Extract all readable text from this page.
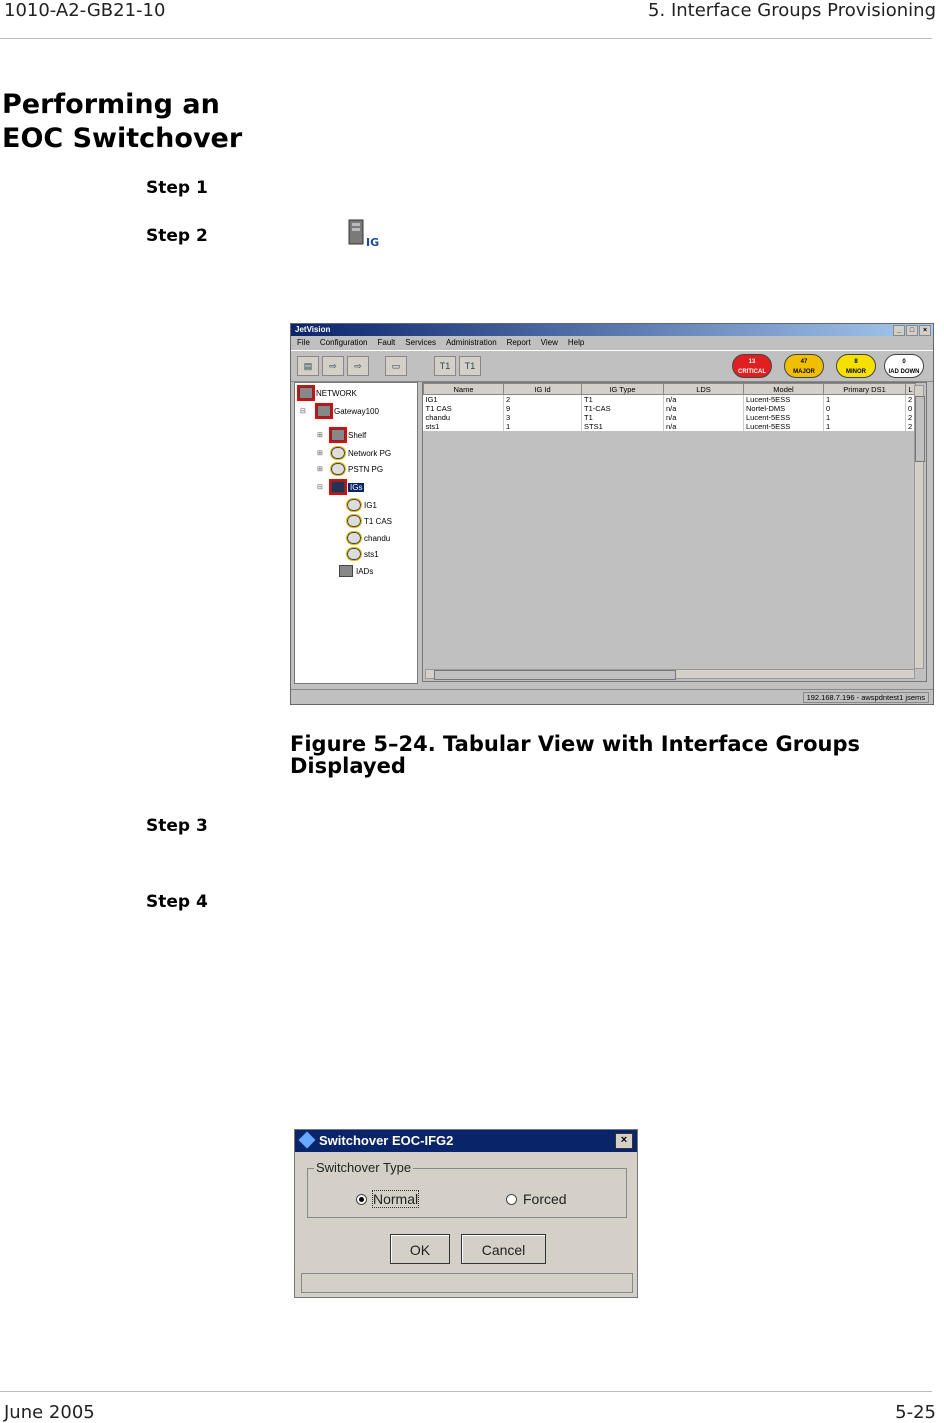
1010-A2-GB21-10	5. Interface Groups Provisioning
Performing an
EOC Switchover
Step 1
Step 2
Step 3
Step 4
IG
JetVision	_	□	×
File Configuration Fault Services Administration Report View Help
▤	⇨	⇨	▭	T1	T1	13
CRITICAL
47
MAJOR
8
MINOR
0
IAD DOWN
NETWORK
⊟	Gateway100
⊞	Shelf
⊞	Network PG
⊞	PSTN PG
⊟	IGs
IG1
T1 CAS
chandu
sts1
IADs
Name	IG Id	IG Type	LDS	Model	Primary DS1	L
IG1	2	T1	n/a	Lucent-5ESS	1	2
T1 CAS	9	T1-CAS	n/a	Nortel-DMS	0	0
chandu	3	T1	n/a	Lucent-5ESS	1	2
sts1	1	STS1	n/a	Lucent-5ESS	1	2
192.168.7.196 - awspdntest1 jsems
Figure 5–24. Tabular View with Interface Groups
Displayed
Switchover EOC-IFG2	×
Switchover Type
Normal	Forced
OK	Cancel
June 2005	5-25
